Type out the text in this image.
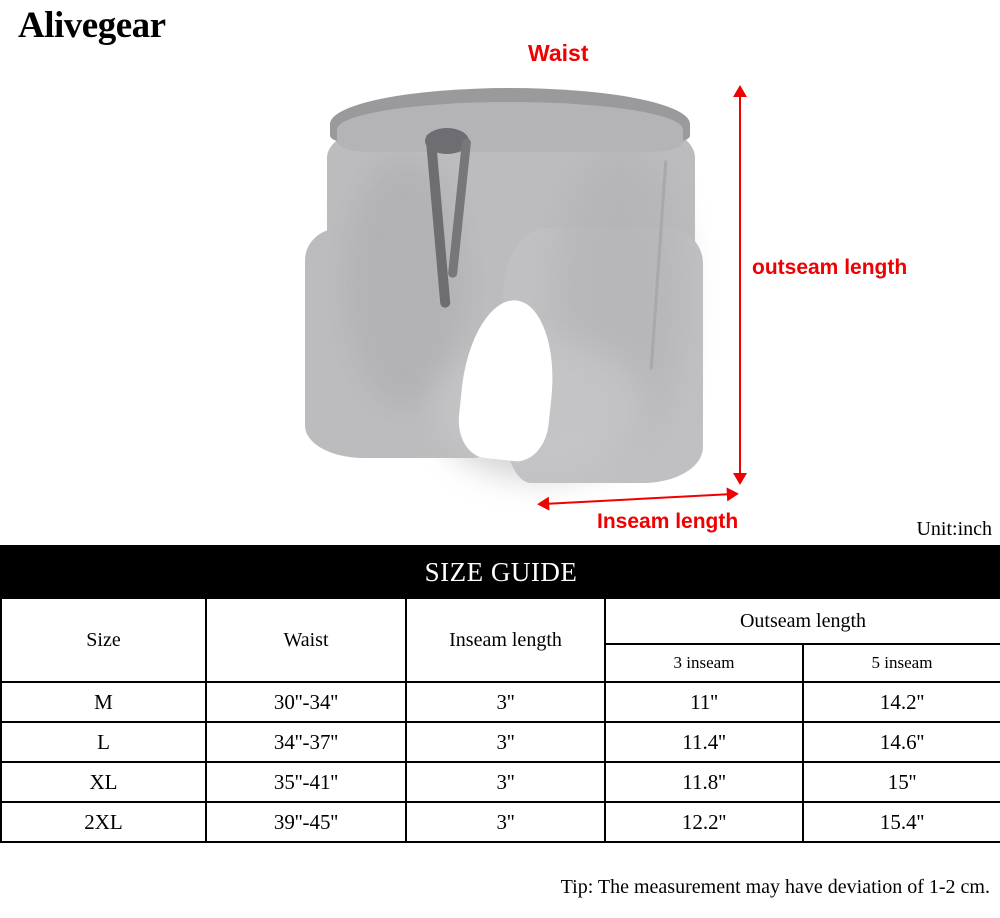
Alivegear
Waist
outseam length
Inseam length	Unit:inch
SIZE GUIDE				
Size	Waist	Inseam length	Outseam length	
			3 inseam	5 inseam
M	30''-34''	3''	11''	14.2''
L	34''-37''	3''	11.4''	14.6''
XL	35''-41''	3''	11.8''	15''
2XL	39''-45''	3''	12.2''	15.4''
Tip: The measurement may have deviation of 1-2 cm.
